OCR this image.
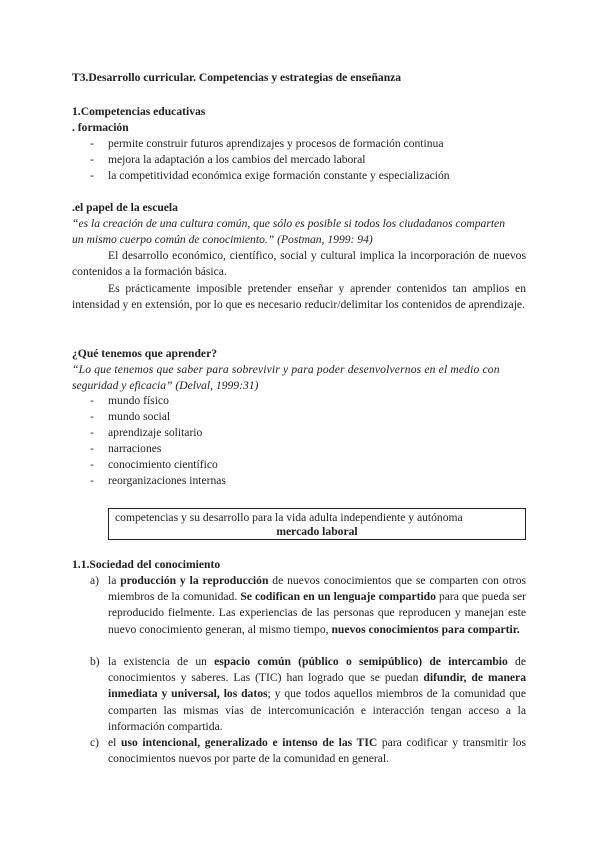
T3.Desarrollo curricular. Competencias y estrategias de enseñanza
1.Competencias educativas
. formación
- permite construir futuros aprendizajes y procesos de formación continua
- mejora la adaptación a los cambios del mercado laboral
- la competitividad económica exige formación constante y especialización
.el papel de la escuela
“es la creación de una cultura común, que sólo es posible si todos los ciudadanos comparten
un mismo cuerpo común de conocimiento.” (Postman, 1999: 94)
El desarrollo económico, científico, social y cultural implica la incorporación de nuevos contenidos a la formación básica.
Es prácticamente imposible pretender enseñar y aprender contenidos tan amplios en intensidad y en extensión, por lo que es necesario reducir/delimitar los contenidos de aprendizaje.
¿Qué tenemos que aprender?
“Lo que tenemos que saber para sobrevivir y para poder desenvolvernos en el medio con
seguridad y eficacia” (Delval, 1999:31)
- mundo físico
- mundo social
- aprendizaje solitario
- narraciones
- conocimiento científico
- reorganizaciones internas
competencias y su desarrollo para la vida adulta independiente y autónoma
mercado laboral
1.1.Sociedad del conocimiento
a) la producción y la reproducción de nuevos conocimientos que se comparten con otros miembros de la comunidad. Se codifican en un lenguaje compartido para que pueda ser reproducido fielmente. Las experiencias de las personas que reproducen y manejan este nuevo conocimiento generan, al mismo tiempo, nuevos conocimientos para compartir.
b) la existencia de un espacio común (público o semipúblico) de intercambio de conocimientos y saberes. Las (TIC) han logrado que se puedan difundir, de manera inmediata y universal, los datos; y que todos aquellos miembros de la comunidad que comparten las mismas vías de intercomunicación e interacción tengan acceso a la información compartida.
c) el uso intencional, generalizado e intenso de las TIC para codificar y transmitir los conocimientos nuevos por parte de la comunidad en general.
